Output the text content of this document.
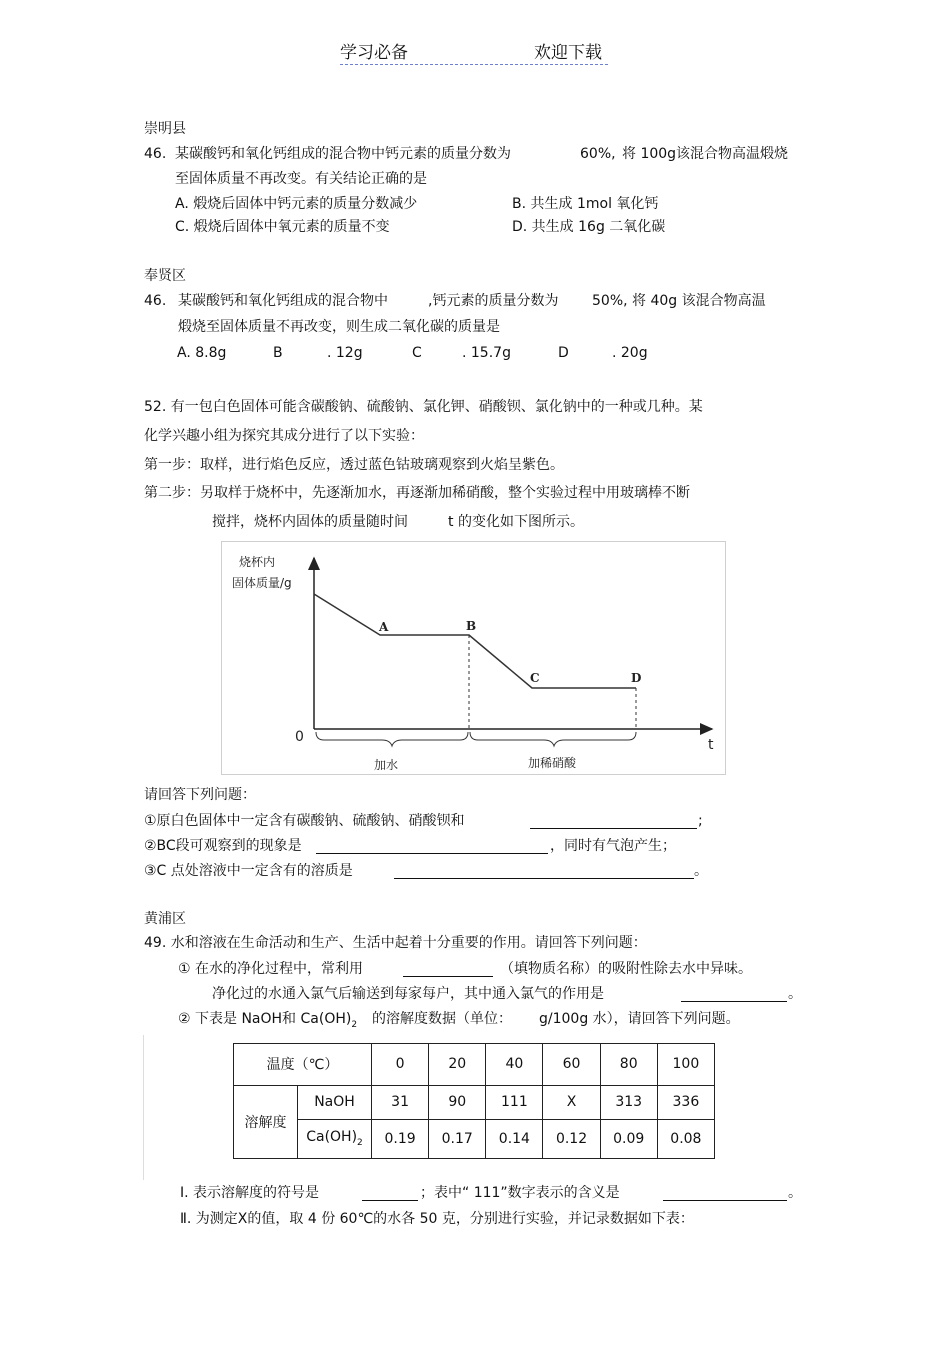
学习必备	欢迎下载
崇明县
46. 某碳酸钙和氧化钙组成的混合物中钙元素的质量分数为	60%, 将 100g该混合物高温煅烧
至固体质量不再改变。有关结论正确的是
A. 煅烧后固体中钙元素的质量分数减少	B. 共生成 1mol 氧化钙
C. 煅烧后固体中氧元素的质量不变	D. 共生成 16g 二氧化碳
奉贤区
46. 某碳酸钙和氧化钙组成的混合物中	,钙元素的质量分数为 50%, 将 40g 该混合物高温
煅烧至固体质量不再改变，则生成二氧化碳的质量是
A. 8.8g	B	. 12g	C	. 15.7g	D	. 20g
52. 有一包白色固体可能含碳酸钠、硫酸钠、氯化钾、硝酸钡、氯化钠中的一种或几种。某
化学兴趣小组为探究其成分进行了以下实验：
第一步：取样，进行焰色反应，透过蓝色钴玻璃观察到火焰呈紫色。
第二步：另取样于烧杯中，先逐渐加水，再逐渐加稀硝酸，整个实验过程中用玻璃棒不断
搅拌，烧杯内固体的质量随时间	t 的变化如下图所示。
烧杯内
固体质量/g
0	t
A	B
C	D
加水	加稀硝酸
请回答下列问题：
①原白色固体中一定含有碳酸钠、硫酸钠、硝酸钡和	;
②BC段可观察到的现象是	，同时有气泡产生；
③C 点处溶液中一定含有的溶质是	。
黄浦区
49. 水和溶液在生命活动和生产、生活中起着十分重要的作用。请回答下列问题：
① 在水的净化过程中，常利用	（填物质名称）的吸附性除去水中异味。
净化过的水通入氯气后输送到每家每户，其中通入氯气的作用是	。
② 下表是 NaOH和 $Ca(OH)_2$ 的溶解度数据（单位： g/100g 水），请回答下列问题。
温度（℃）		0	20	40	60	80	100
溶解度	NaOH	31	90	111	X	313	336
	$Ca(OH)_2$	0.19	0.17	0.14	0.12	0.09	0.08
Ⅰ. 表示溶解度的符号是	；表中“ 111”数字表示的含义是	。
Ⅱ. 为测定X的值，取 4 份 60℃的水各 50 克，分别进行实验，并记录数据如下表：
